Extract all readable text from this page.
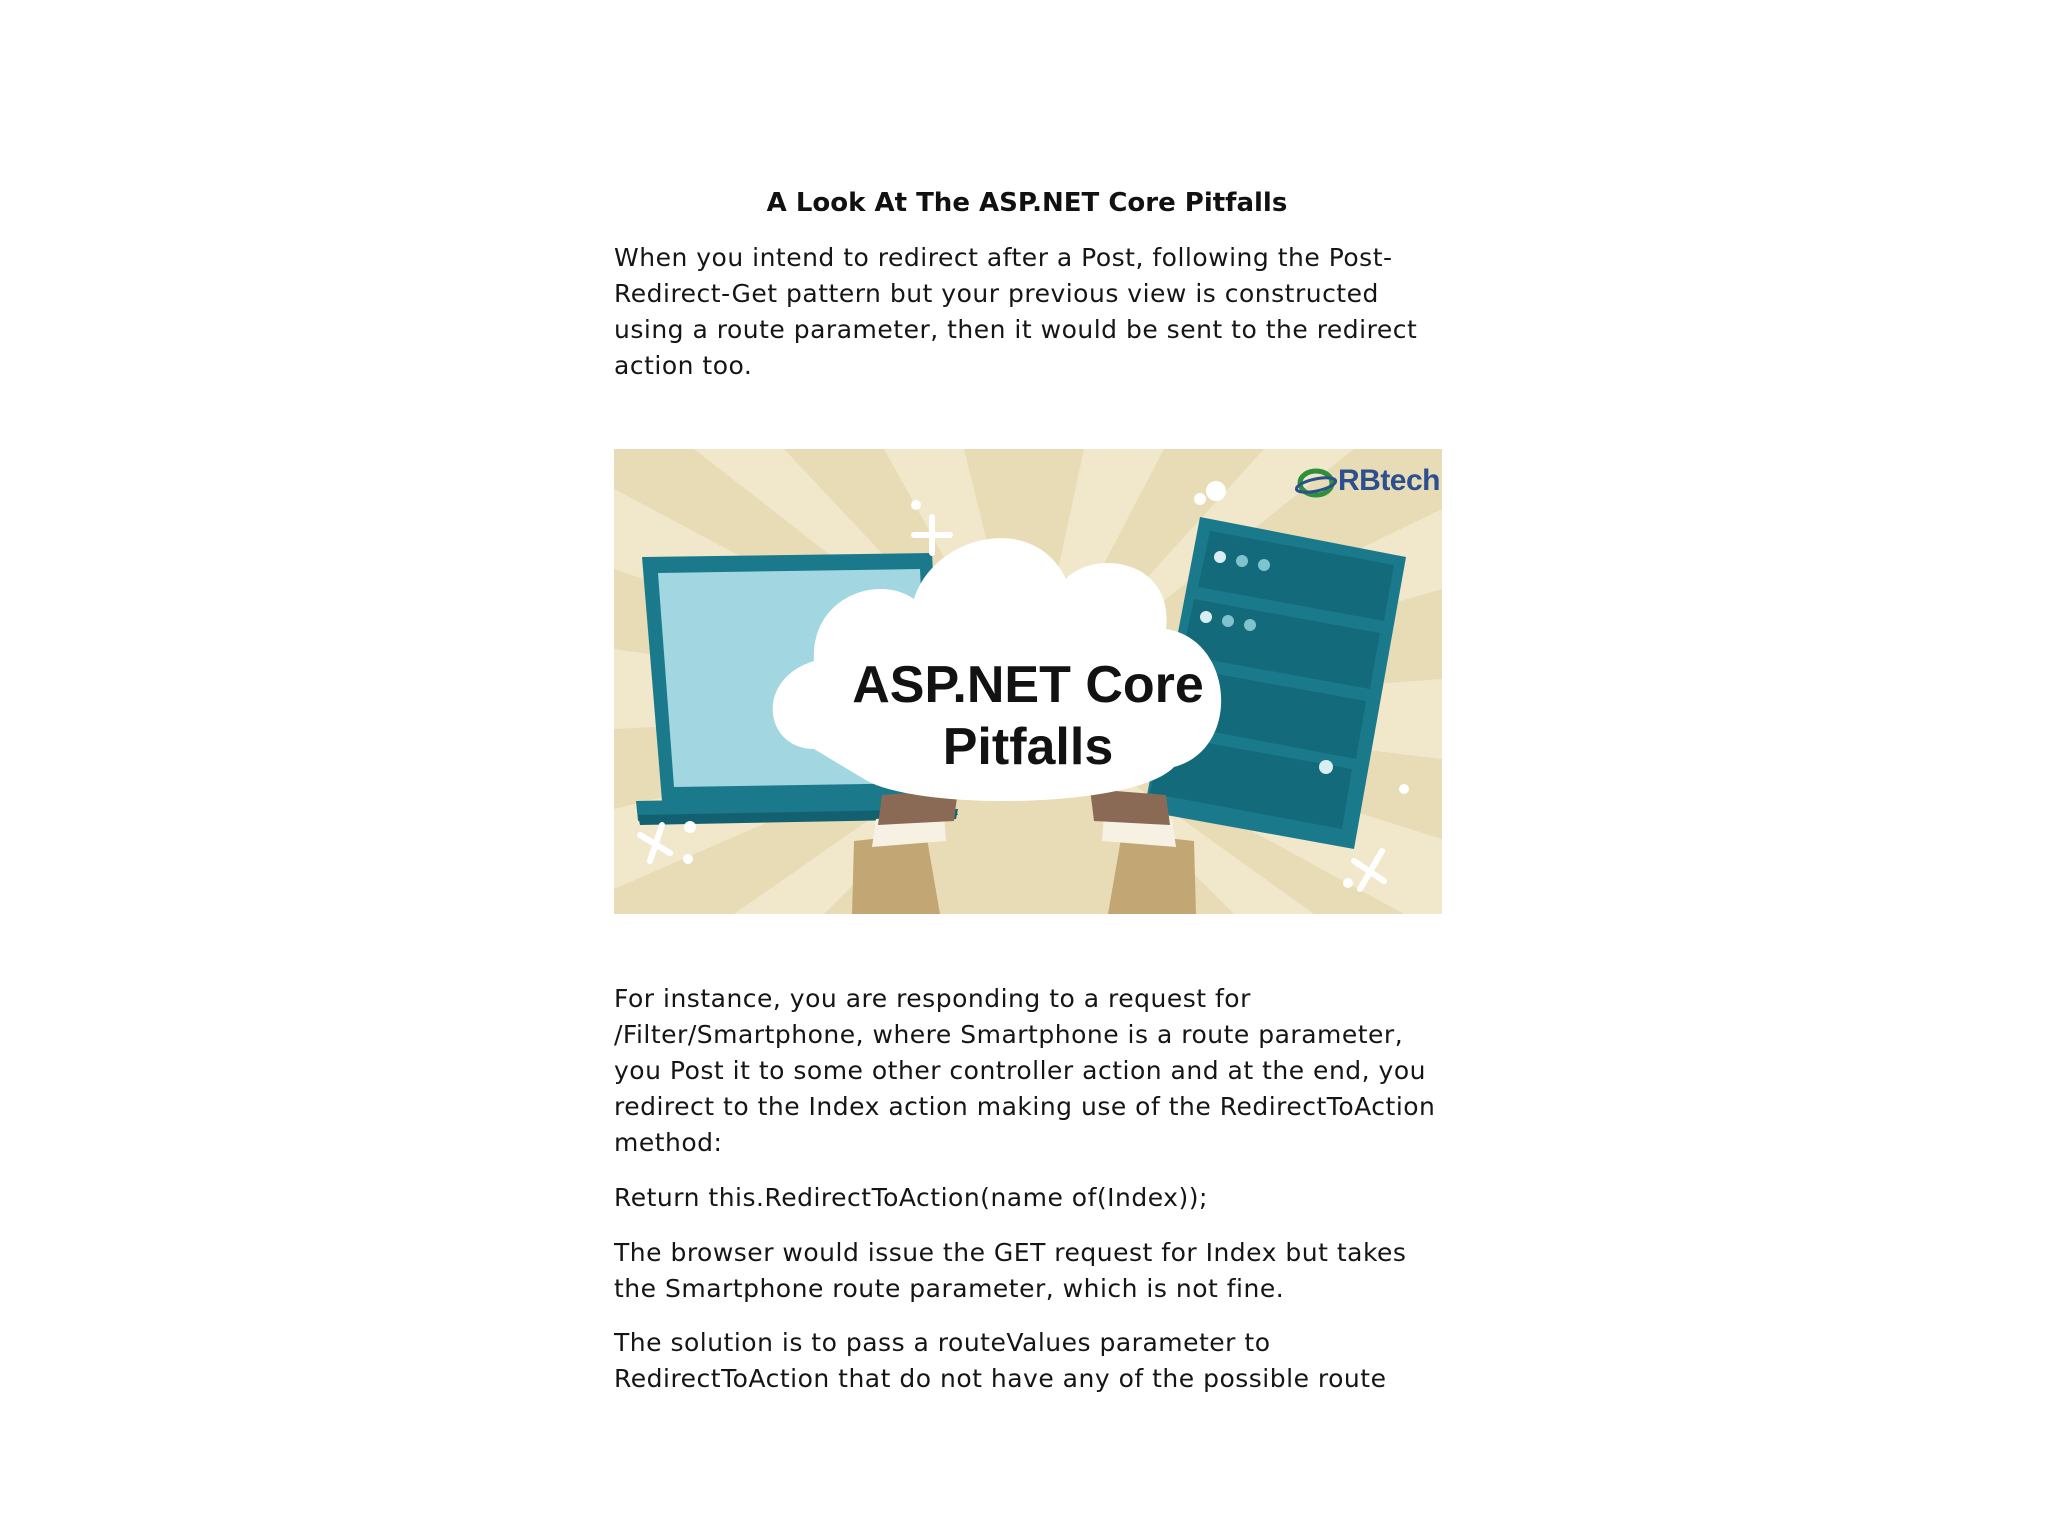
A Look At The ASP.NET Core Pitfalls

When you intend to redirect after a Post, following the Post-Redirect-Get pattern but your previous view is constructed using a route parameter, then it would be sent to the redirect action too.

ASP.NET Core
Pitfalls
RBtech

For instance, you are responding to a request for /Filter/Smartphone, where Smartphone is a route parameter, you Post it to some other controller action and at the end, you redirect to the Index action making use of the RedirectToAction method:

Return this.RedirectToAction(name of(Index));

The browser would issue the GET request for Index but takes the Smartphone route parameter, which is not fine.

The solution is to pass a routeValues parameter to RedirectToAction that do not have any of the possible route
